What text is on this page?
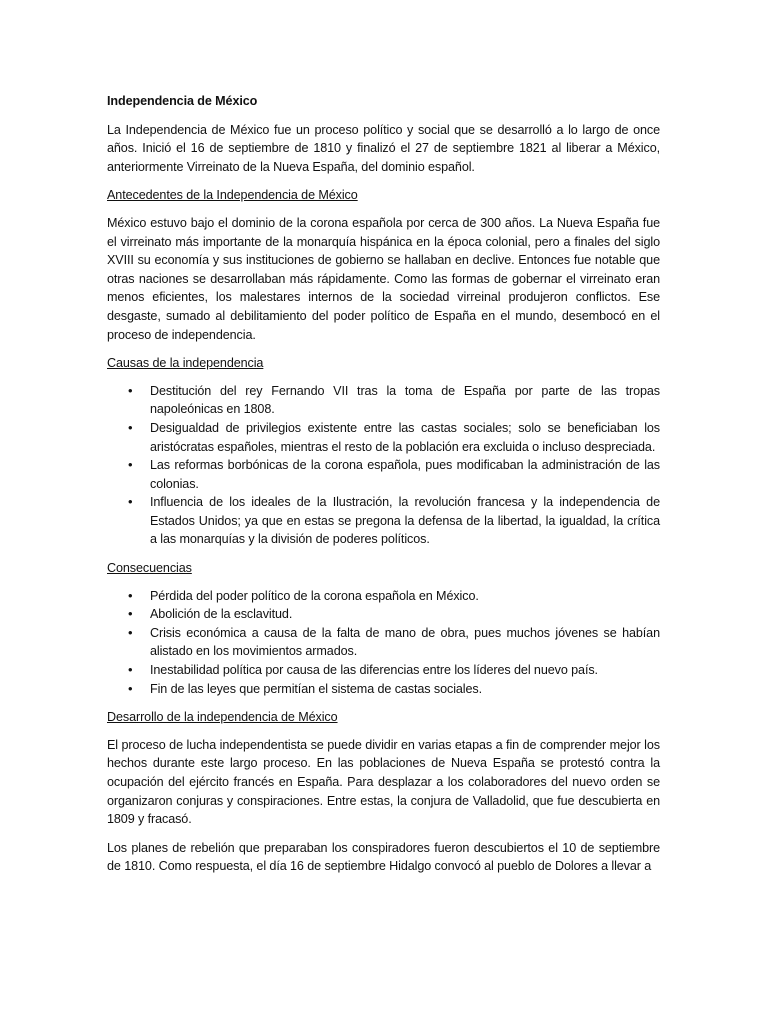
Independencia de México

La Independencia de México fue un proceso político y social que se desarrolló a lo largo de once años. Inició el 16 de septiembre de 1810 y finalizó el 27 de septiembre 1821 al liberar a México, anteriormente Virreinato de la Nueva España, del dominio español.

Antecedentes de la Independencia de México

México estuvo bajo el dominio de la corona española por cerca de 300 años. La Nueva España fue el virreinato más importante de la monarquía hispánica en la época colonial, pero a finales del siglo XVIII su economía y sus instituciones de gobierno se hallaban en declive. Entonces fue notable que otras naciones se desarrollaban más rápidamente. Como las formas de gobernar el virreinato eran menos eficientes, los malestares internos de la sociedad virreinal produjeron conflictos. Ese desgaste, sumado al debilitamiento del poder político de España en el mundo, desembocó en el proceso de independencia.

Causas de la independencia
• Destitución del rey Fernando VII tras la toma de España por parte de las tropas napoleónicas en 1808.
• Desigualdad de privilegios existente entre las castas sociales; solo se beneficiaban los aristócratas españoles, mientras el resto de la población era excluida o incluso despreciada.
• Las reformas borbónicas de la corona española, pues modificaban la administración de las colonias.
• Influencia de los ideales de la Ilustración, la revolución francesa y la independencia de Estados Unidos; ya que en estas se pregona la defensa de la libertad, la igualdad, la crítica a las monarquías y la división de poderes políticos.
Consecuencias
• Pérdida del poder político de la corona española en México.
• Abolición de la esclavitud.
• Crisis económica a causa de la falta de mano de obra, pues muchos jóvenes se habían alistado en los movimientos armados.
• Inestabilidad política por causa de las diferencias entre los líderes del nuevo país.
• Fin de las leyes que permitían el sistema de castas sociales.
Desarrollo de la independencia de México

El proceso de lucha independentista se puede dividir en varias etapas a fin de comprender mejor los hechos durante este largo proceso. En las poblaciones de Nueva España se protestó contra la ocupación del ejército francés en España. Para desplazar a los colaboradores del nuevo orden se organizaron conjuras y conspiraciones. Entre estas, la conjura de Valladolid, que fue descubierta en 1809 y fracasó.

Los planes de rebelión que preparaban los conspiradores fueron descubiertos el 10 de septiembre de 1810. Como respuesta, el día 16 de septiembre Hidalgo convocó al pueblo de Dolores a llevar a
